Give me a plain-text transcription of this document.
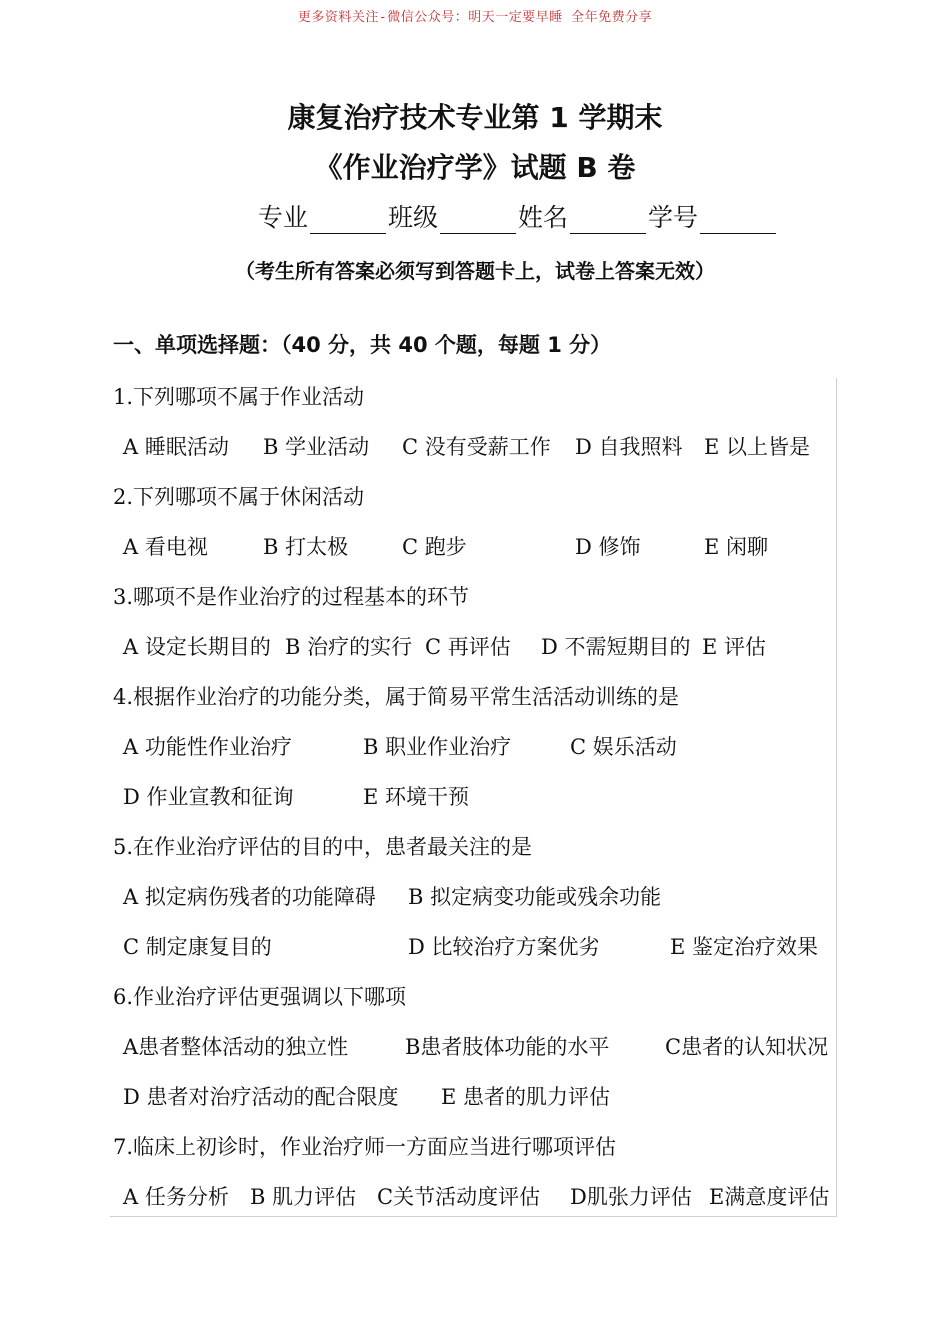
更多资料关注-微信公众号：明天一定要早睡 全年免费分享
康复治疗技术专业第 1 学期末
《作业治疗学》试题 B 卷
专业	班级	姓名	学号
（考生所有答案必须写到答题卡上，试卷上答案无效）
一、单项选择题：（40 分，共 40 个题，每题 1 分）
1.下列哪项不属于作业活动
A 睡眠活动 B 学业活动 C 没有受薪工作 D 自我照料 E 以上皆是
2.下列哪项不属于休闲活动
A 看电视	B 打太极	C 跑步	D 修饰	E 闲聊
3.哪项不是作业治疗的过程基本的环节
A 设定长期目的 B 治疗的实行 C 再评估 D 不需短期目的 E 评估
4.根据作业治疗的功能分类，属于简易平常生活活动训练的是
A 功能性作业治疗	B 职业作业治疗	C 娱乐活动
D 作业宣教和征询	E 环境干预
5.在作业治疗评估的目的中，患者最关注的是
A 拟定病伤残者的功能障碍 B 拟定病变功能或残余功能
C 制定康复目的	D 比较治疗方案优劣	E 鉴定治疗效果
6.作业治疗评估更强调以下哪项
A患者整体活动的独立性	B患者肢体功能的水平	C患者的认知状况
D 患者对治疗活动的配合限度 E 患者的肌力评估
7.临床上初诊时，作业治疗师一方面应当进行哪项评估
A 任务分析 B 肌力评估 C关节活动度评估 D肌张力评估 E满意度评估
